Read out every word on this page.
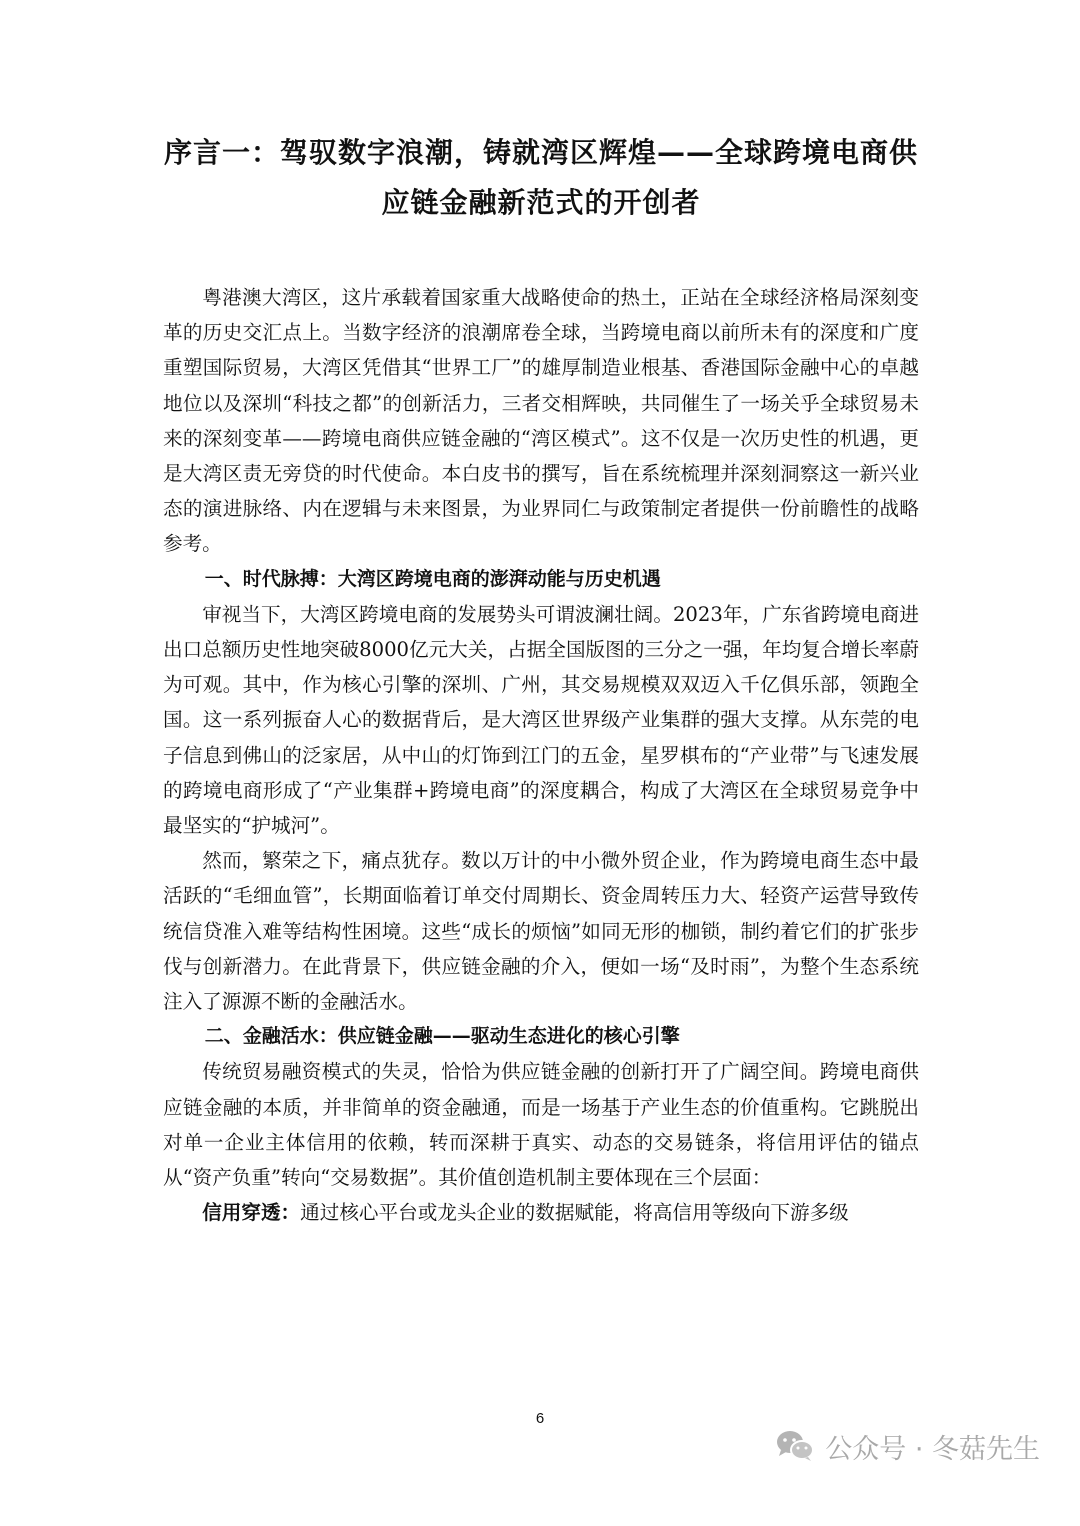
序言一：驾驭数字浪潮，铸就湾区辉煌——全球跨境电商供
应链金融新范式的开创者

粤港澳大湾区，这片承载着国家重大战略使命的热土，正站在全球经济格局深刻变革的历史交汇点上。当数字经济的浪潮席卷全球，当跨境电商以前所未有的深度和广度重塑国际贸易，大湾区凭借其“世界工厂”的雄厚制造业根基、香港国际金融中心的卓越地位以及深圳“科技之都”的创新活力，三者交相辉映，共同催生了一场关乎全球贸易未来的深刻变革——跨境电商供应链金融的“湾区模式”。这不仅是一次历史性的机遇，更是大湾区责无旁贷的时代使命。本白皮书的撰写，旨在系统梳理并深刻洞察这一新兴业态的演进脉络、内在逻辑与未来图景，为业界同仁与政策制定者提供一份前瞻性的战略参考。

一、时代脉搏：大湾区跨境电商的澎湃动能与历史机遇

审视当下，大湾区跨境电商的发展势头可谓波澜壮阔。2023年，广东省跨境电商进出口总额历史性地突破8000亿元大关，占据全国版图的三分之一强，年均复合增长率蔚为可观。其中，作为核心引擎的深圳、广州，其交易规模双双迈入千亿俱乐部，领跑全国。这一系列振奋人心的数据背后，是大湾区世界级产业集群的强大支撑。从东莞的电子信息到佛山的泛家居，从中山的灯饰到江门的五金，星罗棋布的“产业带”与飞速发展的跨境电商形成了“产业集群+跨境电商”的深度耦合，构成了大湾区在全球贸易竞争中最坚实的“护城河”。

然而，繁荣之下，痛点犹存。数以万计的中小微外贸企业，作为跨境电商生态中最活跃的“毛细血管”，长期面临着订单交付周期长、资金周转压力大、轻资产运营导致传统信贷准入难等结构性困境。这些“成长的烦恼”如同无形的枷锁，制约着它们的扩张步伐与创新潜力。在此背景下，供应链金融的介入，便如一场“及时雨”，为整个生态系统注入了源源不断的金融活水。

二、金融活水：供应链金融——驱动生态进化的核心引擎

传统贸易融资模式的失灵，恰恰为供应链金融的创新打开了广阔空间。跨境电商供应链金融的本质，并非简单的资金融通，而是一场基于产业生态的价值重构。它跳脱出对单一企业主体信用的依赖，转而深耕于真实、动态的交易链条，将信用评估的锚点从“资产负重”转向“交易数据”。其价值创造机制主要体现在三个层面：

信用穿透：通过核心平台或龙头企业的数据赋能，将高信用等级向下游多级

6
公众号 · 冬菇先生
